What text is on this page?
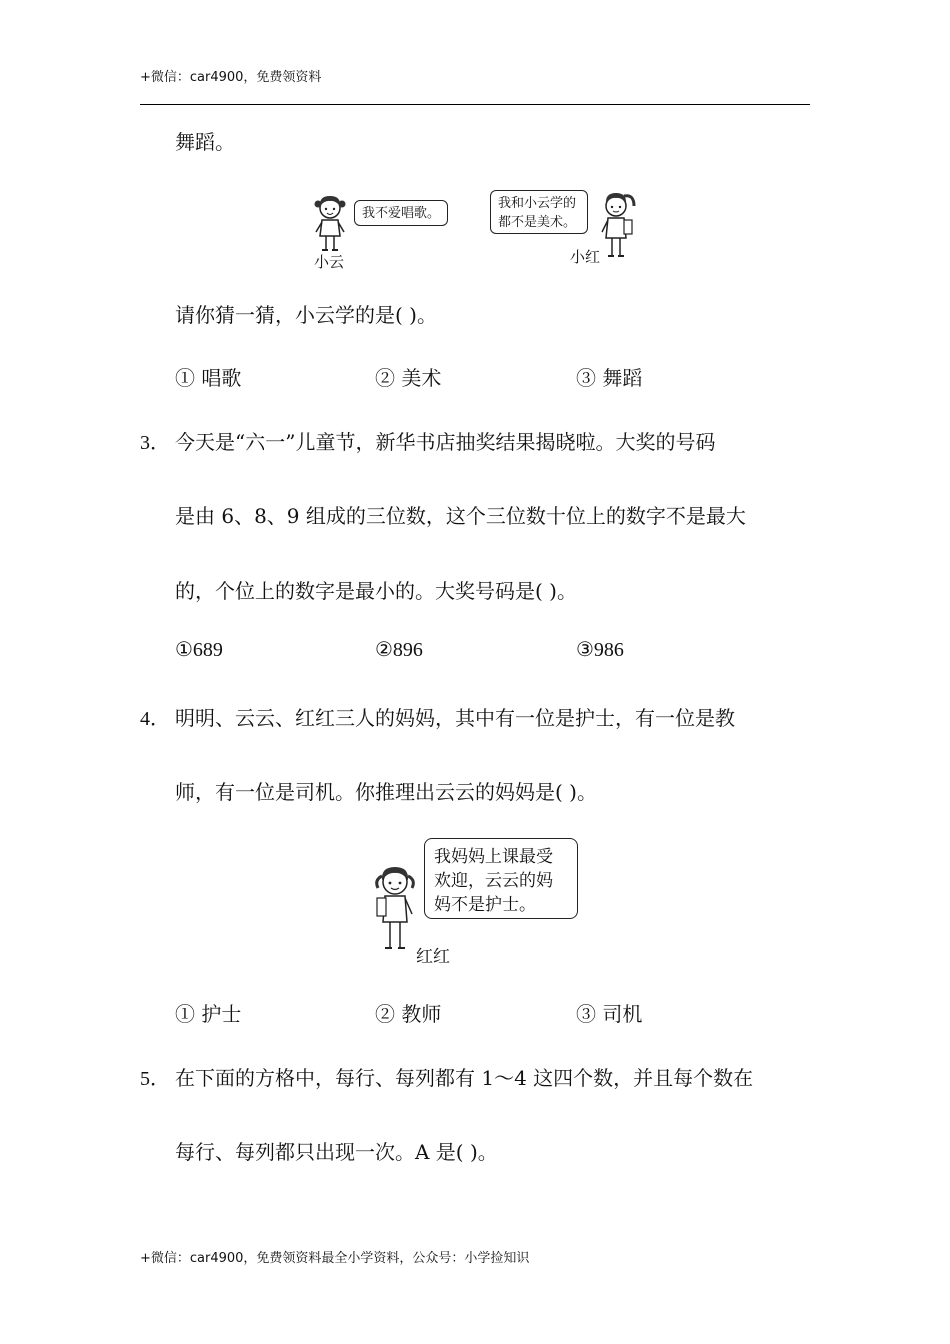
+微信：car4900，免费领资料
舞蹈。
我不爱唱歌。
小云
我和小云学的
都不是美术。
小红
请你猜一猜，小云学的是( )。
① 唱歌	② 美术	③ 舞蹈
3． 今天是“六一”儿童节，新华书店抽奖结果揭晓啦。大奖的号码
是由 6、8、9 组成的三位数，这个三位数十位上的数字不是最大
的，个位上的数字是最小的。大奖号码是( )。
①689	②896	③986
4． 明明、云云、红红三人的妈妈，其中有一位是护士，有一位是教
师，有一位是司机。你推理出云云的妈妈是( )。
我妈妈上课最受
欢迎，云云的妈
妈不是护士。
红红
① 护士	② 教师	③ 司机
5． 在下面的方格中，每行、每列都有 1～4 这四个数，并且每个数在
每行、每列都只出现一次。A 是( )。
+微信：car4900，免费领资料最全小学资料，公众号：小学捡知识
